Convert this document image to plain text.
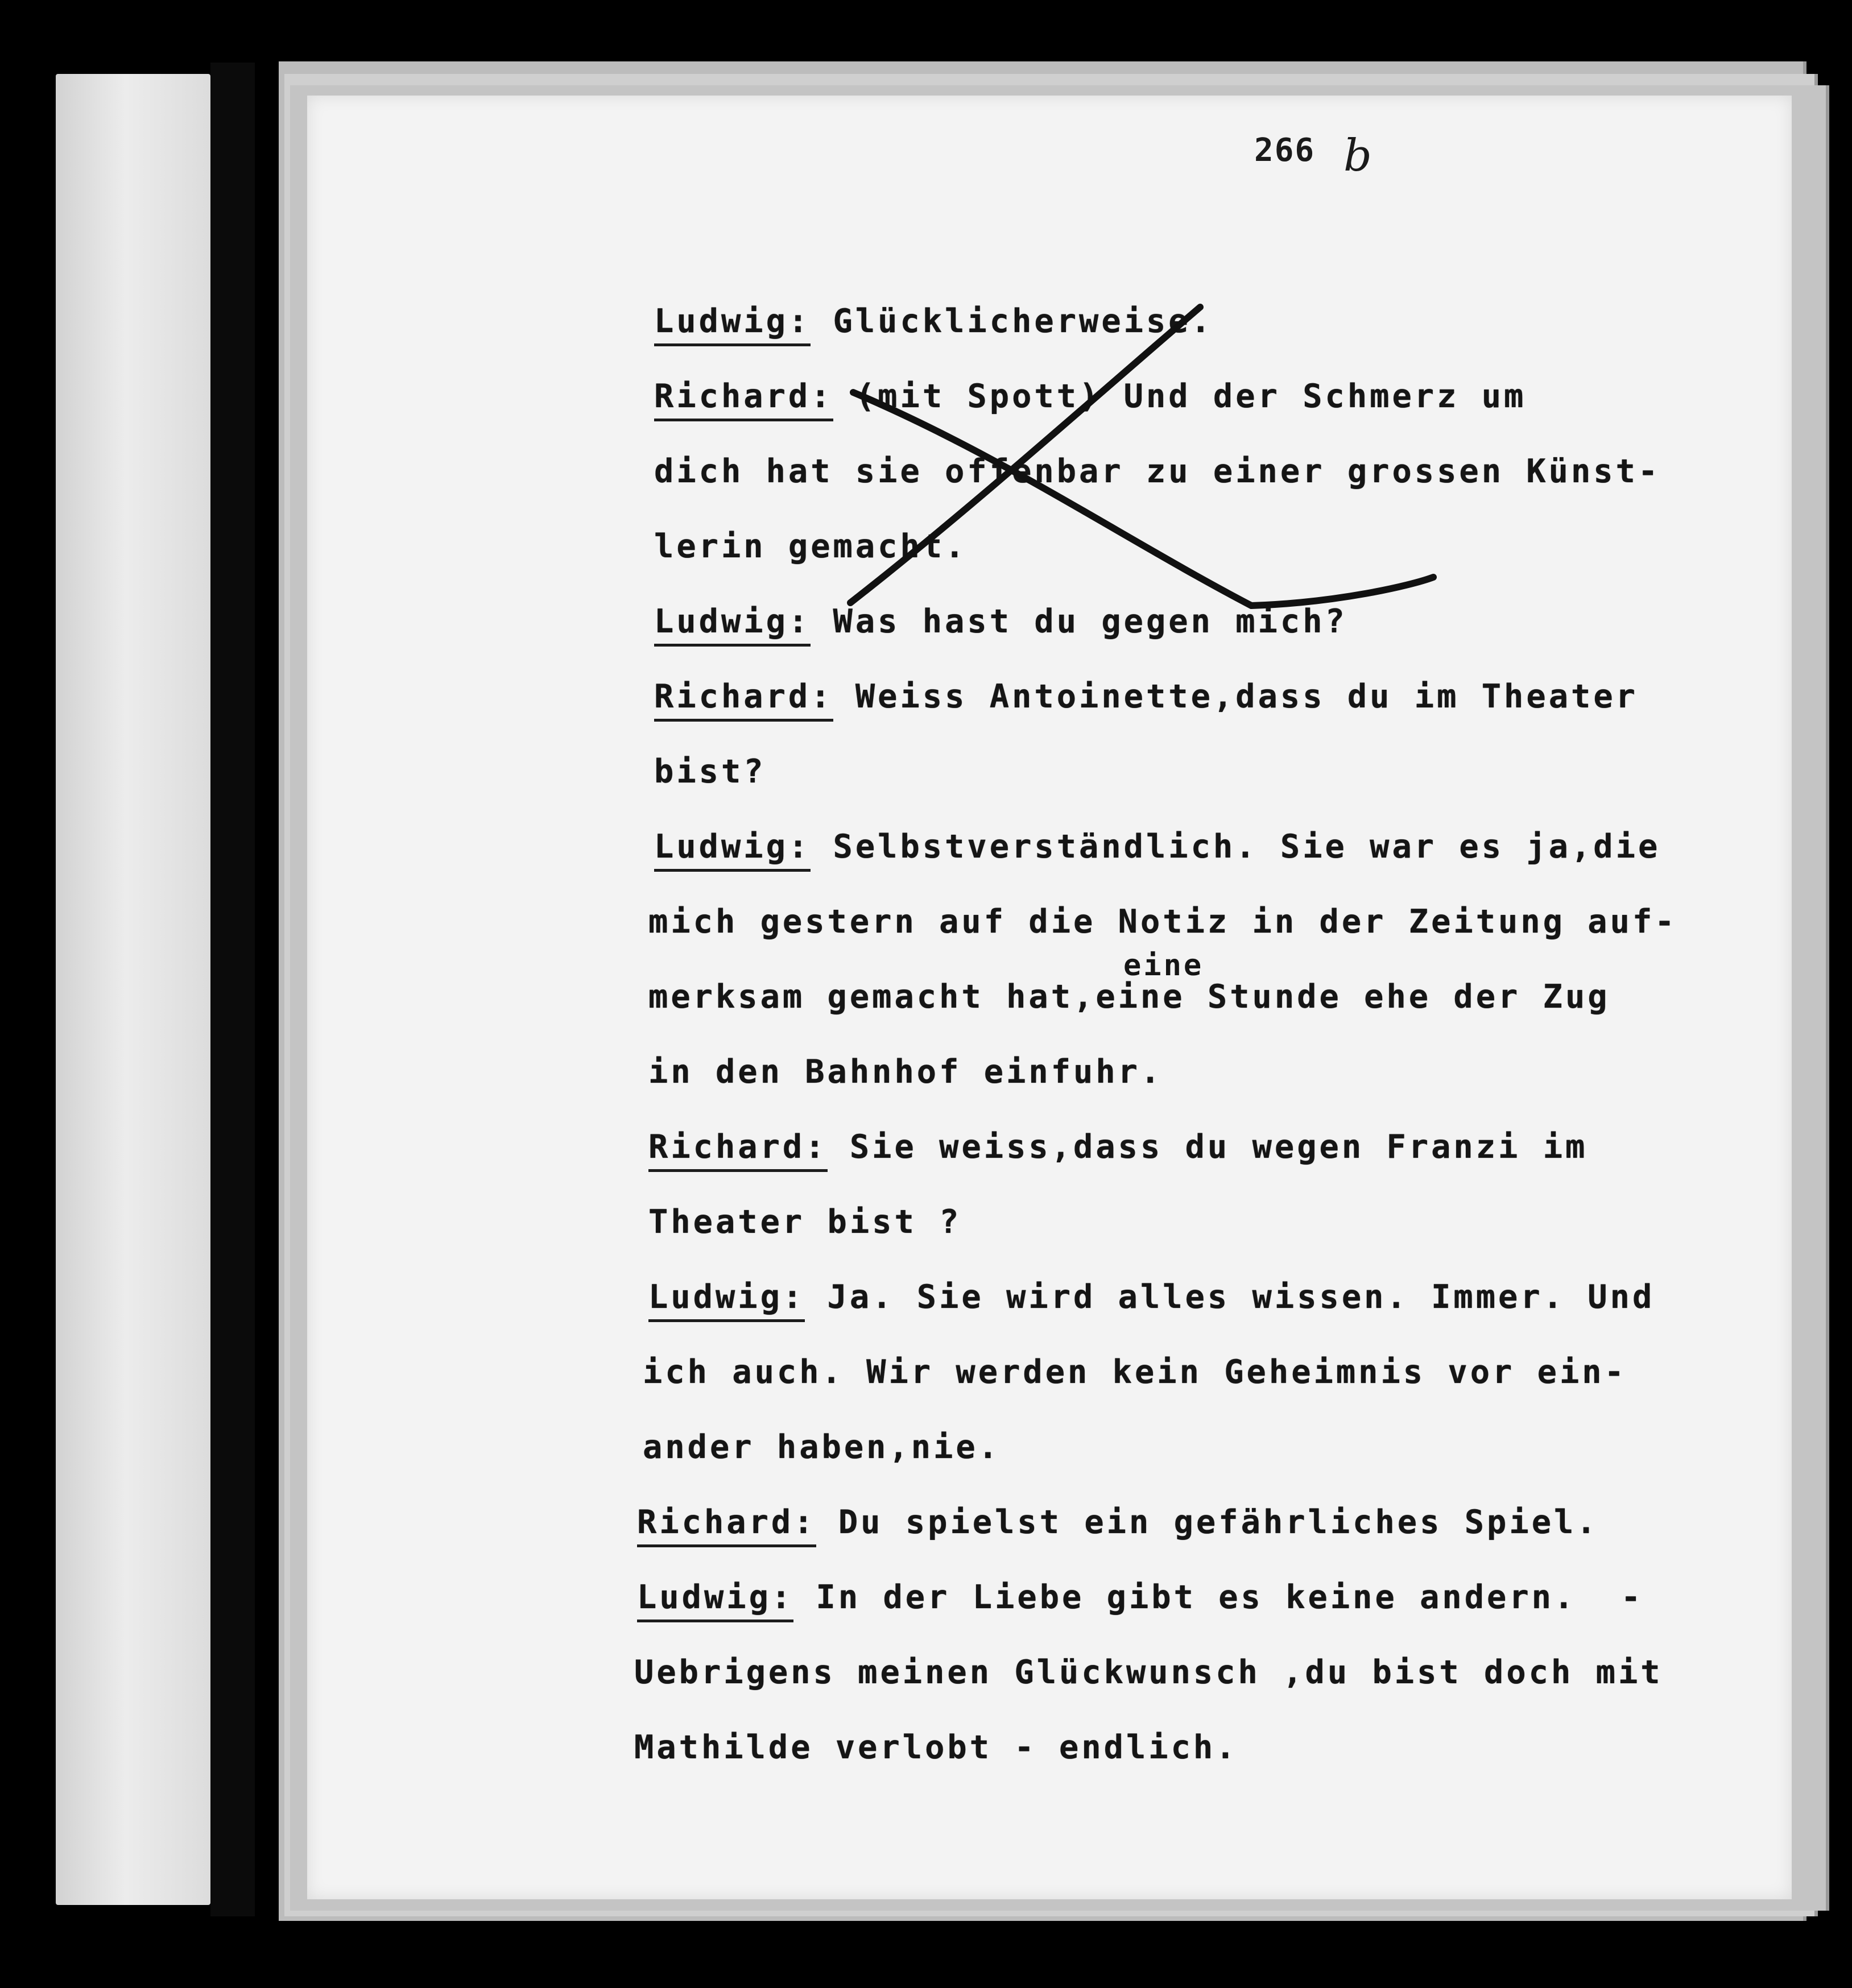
266 b

Ludwig: Glücklicherweise.

Richard: (mit Spott) Und der Schmerz um

dich hat sie offenbar zu einer grossen Künst-

lerin gemacht.

Ludwig: Was hast du gegen mich?

Richard: Weiss Antoinette,dass du im Theater

bist?

Ludwig: Selbstverständlich. Sie war es ja,die

mich gestern auf die Notiz in der Zeitung auf-

merksam gemacht hat,eine Stunde ehe der Zug

in den Bahnhof einfuhr.

Richard: Sie weiss,dass du wegen Franzi im

Theater bist ?

Ludwig: Ja. Sie wird alles wissen. Immer. Und

ich auch. Wir werden kein Geheimnis vor ein-

ander haben,nie.

Richard: Du spielst ein gefährliches Spiel.

Ludwig: In der Liebe gibt es keine andern.  -

Uebrigens meinen Glückwunsch ,du bist doch mit

Mathilde verlobt - endlich.

eine
